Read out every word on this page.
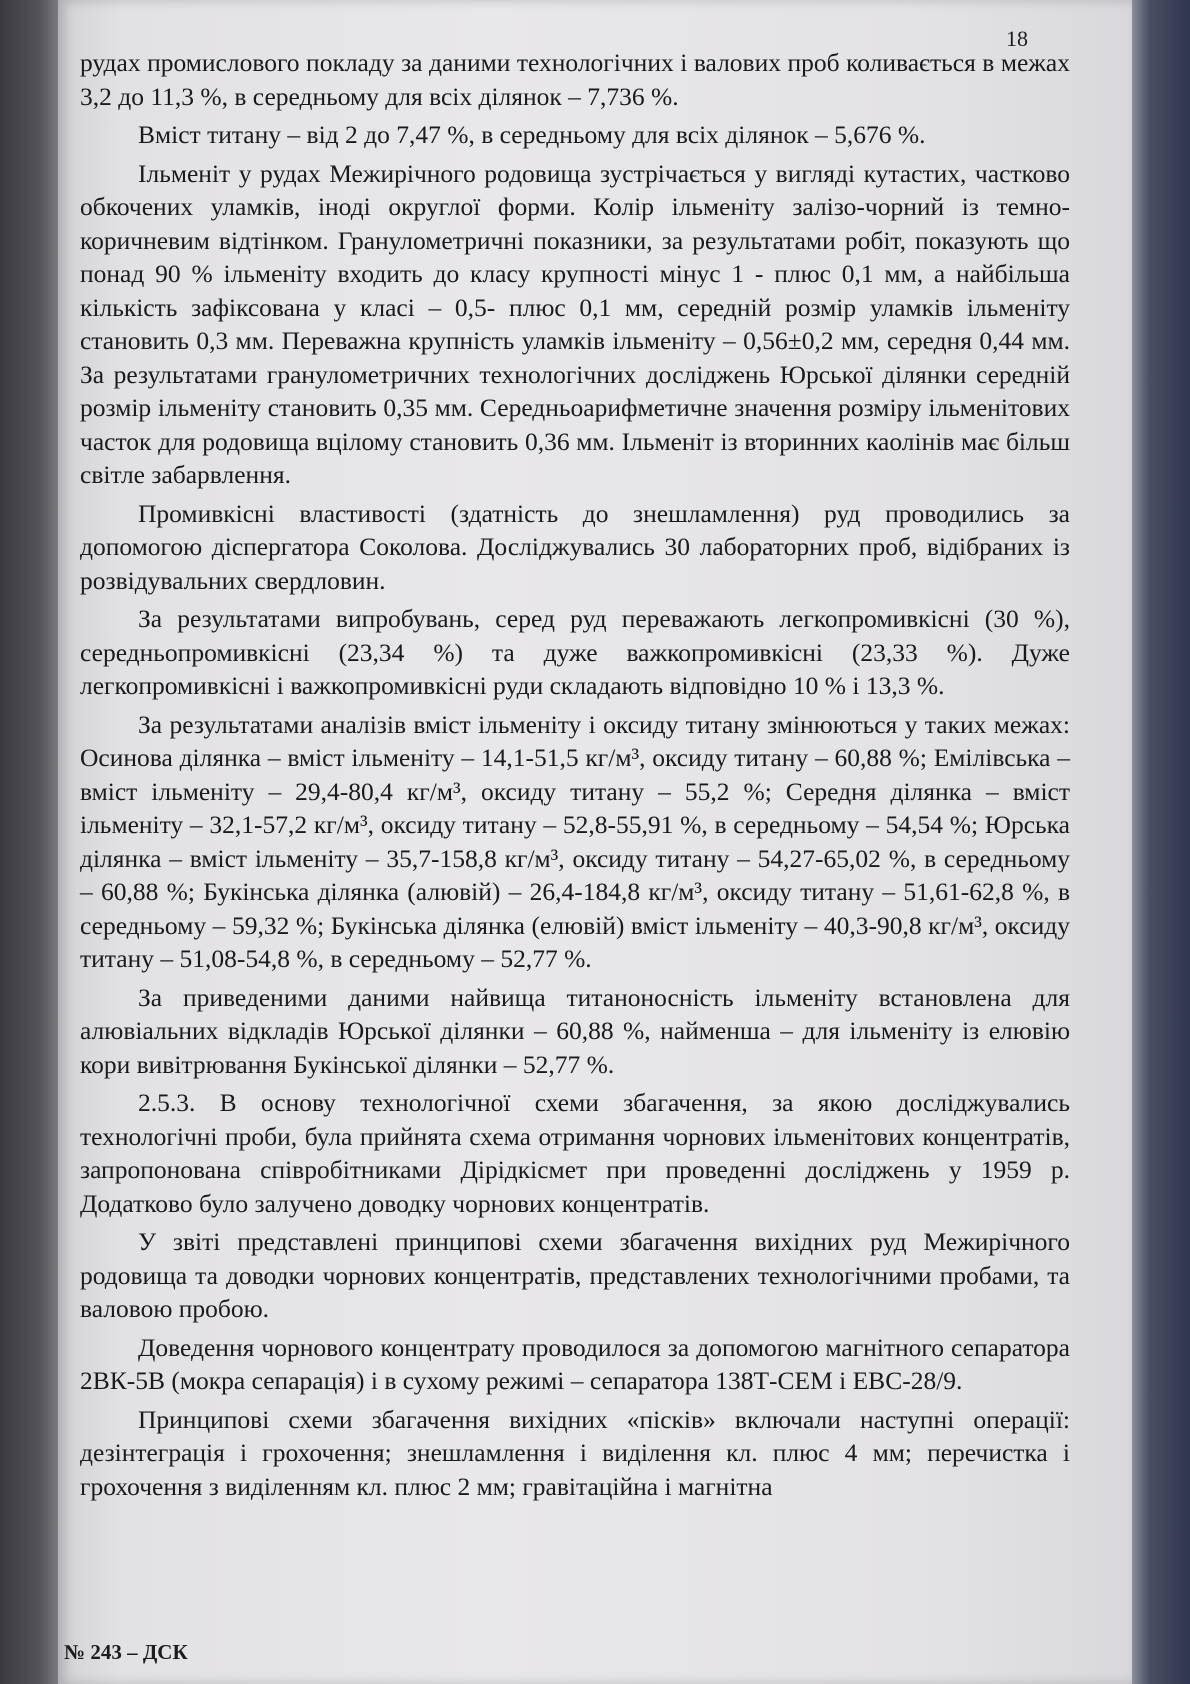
18

рудах промислового покладу за даними технологічних і валових проб коливається в межах 3,2 до 11,3 %, в середньому для всіх ділянок – 7,736 %.

Вміст титану – від 2 до 7,47 %, в середньому для всіх ділянок – 5,676 %.

Ільменіт у рудах Межирічного родовища зустрічається у вигляді кутастих, частково обкочених уламків, іноді округлої форми. Колір ільменіту залізо-чорний із темно-коричневим відтінком. Гранулометричні показники, за результатами робіт, показують що понад 90 % ільменіту входить до класу крупності мінус 1 - плюс 0,1 мм, а найбільша кількість зафіксована у класі – 0,5- плюс 0,1 мм, середній розмір уламків ільменіту становить 0,3 мм. Переважна крупність уламків ільменіту – 0,56±0,2 мм, середня 0,44 мм. За результатами гранулометричних технологічних досліджень Юрської ділянки середній розмір ільменіту становить 0,35 мм. Середньоарифметичне значення розміру ільменітових часток для родовища вцілому становить 0,36 мм. Ільменіт із вторинних каолінів має більш світле забарвлення.

Промивкісні властивості (здатність до знешламлення) руд проводились за допомогою діспергатора Соколова. Досліджувались 30 лабораторних проб, відібраних із розвідувальних свердловин.

За результатами випробувань, серед руд переважають легкопромивкісні (30 %), середньопромивкісні (23,34 %) та дуже важкопромивкісні (23,33 %). Дуже легкопромивкісні і важкопромивкісні руди складають відповідно 10 % і 13,3 %.

За результатами аналізів вміст ільменіту і оксиду титану змінюються у таких межах: Осинова ділянка – вміст ільменіту – 14,1-51,5 кг/м³, оксиду титану – 60,88 %; Емілівська – вміст ільменіту – 29,4-80,4 кг/м³, оксиду титану – 55,2 %; Середня ділянка – вміст ільменіту – 32,1-57,2 кг/м³, оксиду титану – 52,8-55,91 %, в середньому – 54,54 %; Юрська ділянка – вміст ільменіту – 35,7-158,8 кг/м³, оксиду титану – 54,27-65,02 %, в середньому – 60,88 %; Букінська ділянка (алювій) – 26,4-184,8 кг/м³, оксиду титану – 51,61-62,8 %, в середньому – 59,32 %; Букінська ділянка (елювій) вміст ільменіту – 40,3-90,8 кг/м³, оксиду титану – 51,08-54,8 %, в середньому – 52,77 %.

За приведеними даними найвища титаноносність ільменіту встановлена для алювіальних відкладів Юрської ділянки – 60,88 %, найменша – для ільменіту із елювію кори вивітрювання Букінської ділянки – 52,77 %.

2.5.3. В основу технологічної схеми збагачення, за якою досліджувались технологічні проби, була прийнята схема отримання чорнових ільменітових концентратів, запропонована співробітниками Дірідкісмет при проведенні досліджень у 1959 р. Додатково було залучено доводку чорнових концентратів.

У звіті представлені принципові схеми збагачення вихідних руд Межирічного родовища та доводки чорнових концентратів, представлених технологічними пробами, та валовою пробою.

Доведення чорнового концентрату проводилося за допомогою магнітного сепаратора 2ВК-5В (мокра сепарація) і в сухому режимі – сепаратора 138Т-СЕМ і ЕВС-28/9.

Принципові схеми збагачення вихідних «пісків» включали наступні операції: дезінтеграція і грохочення; знешламлення і виділення кл. плюс 4 мм; перечистка і грохочення з виділенням кл. плюс 2 мм; гравітаційна і магнітна

№ 243 – ДСК
